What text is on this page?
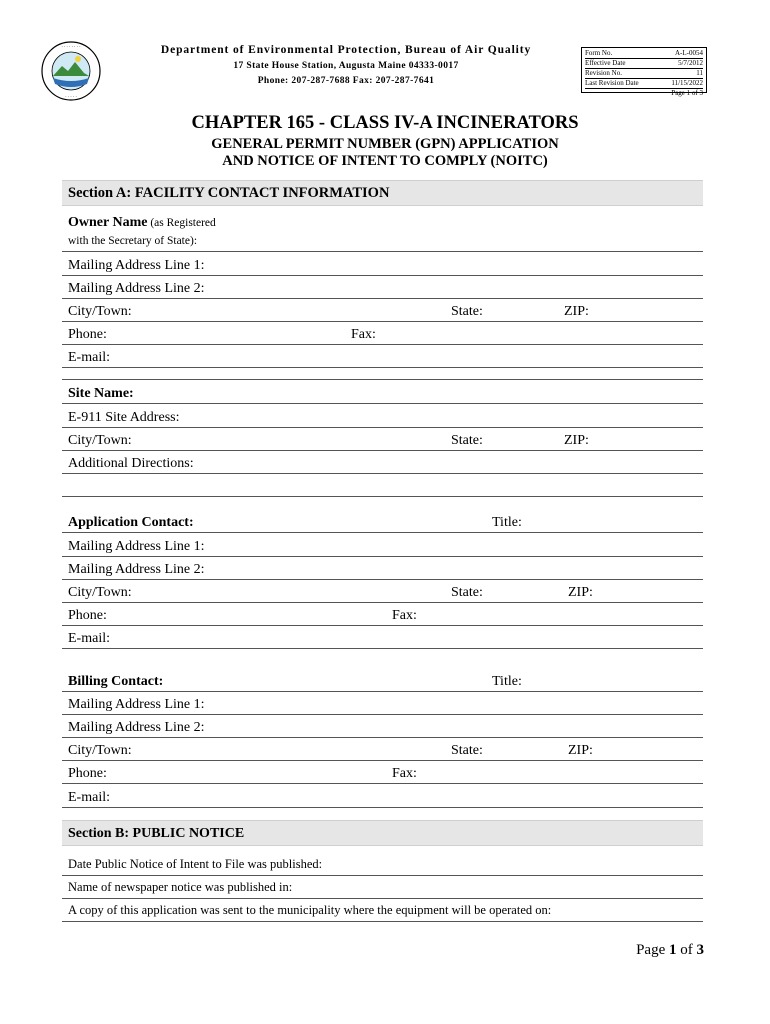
· · · · · · · ·
· · · · ·
Department of Environmental Protection, Bureau of Air Quality
17 State House Station, Augusta Maine 04333-0017
Phone: 207-287-7688 Fax: 207-287-7641
Form No.	A-L-0054
Effective Date	5/7/2012
Revision No.	11
Last Revision Date	11/15/2022
Page 1 of 3
CHAPTER 165 - CLASS IV-A INCINERATORS
GENERAL PERMIT NUMBER (GPN) APPLICATION
AND NOTICE OF INTENT TO COMPLY (NOITC)
Section A: FACILITY CONTACT INFORMATION
Owner Name (as Registered
with the Secretary of State):
Mailing Address Line 1:
Mailing Address Line 2:
City/Town:	State:	ZIP:
Phone:	Fax:
E-mail:
Site Name:
E-911 Site Address:
City/Town:	State:	ZIP:
Additional Directions:
Application Contact:	Title:
Mailing Address Line 1:
Mailing Address Line 2:
City/Town:	State:	ZIP:
Phone:	Fax:
E-mail:
Billing Contact:	Title:
Mailing Address Line 1:
Mailing Address Line 2:
City/Town:	State:	ZIP:
Phone:	Fax:
E-mail:
Section B: PUBLIC NOTICE
Date Public Notice of Intent to File was published:
Name of newspaper notice was published in:
A copy of this application was sent to the municipality where the equipment will be operated on:
Page 1 of 3
